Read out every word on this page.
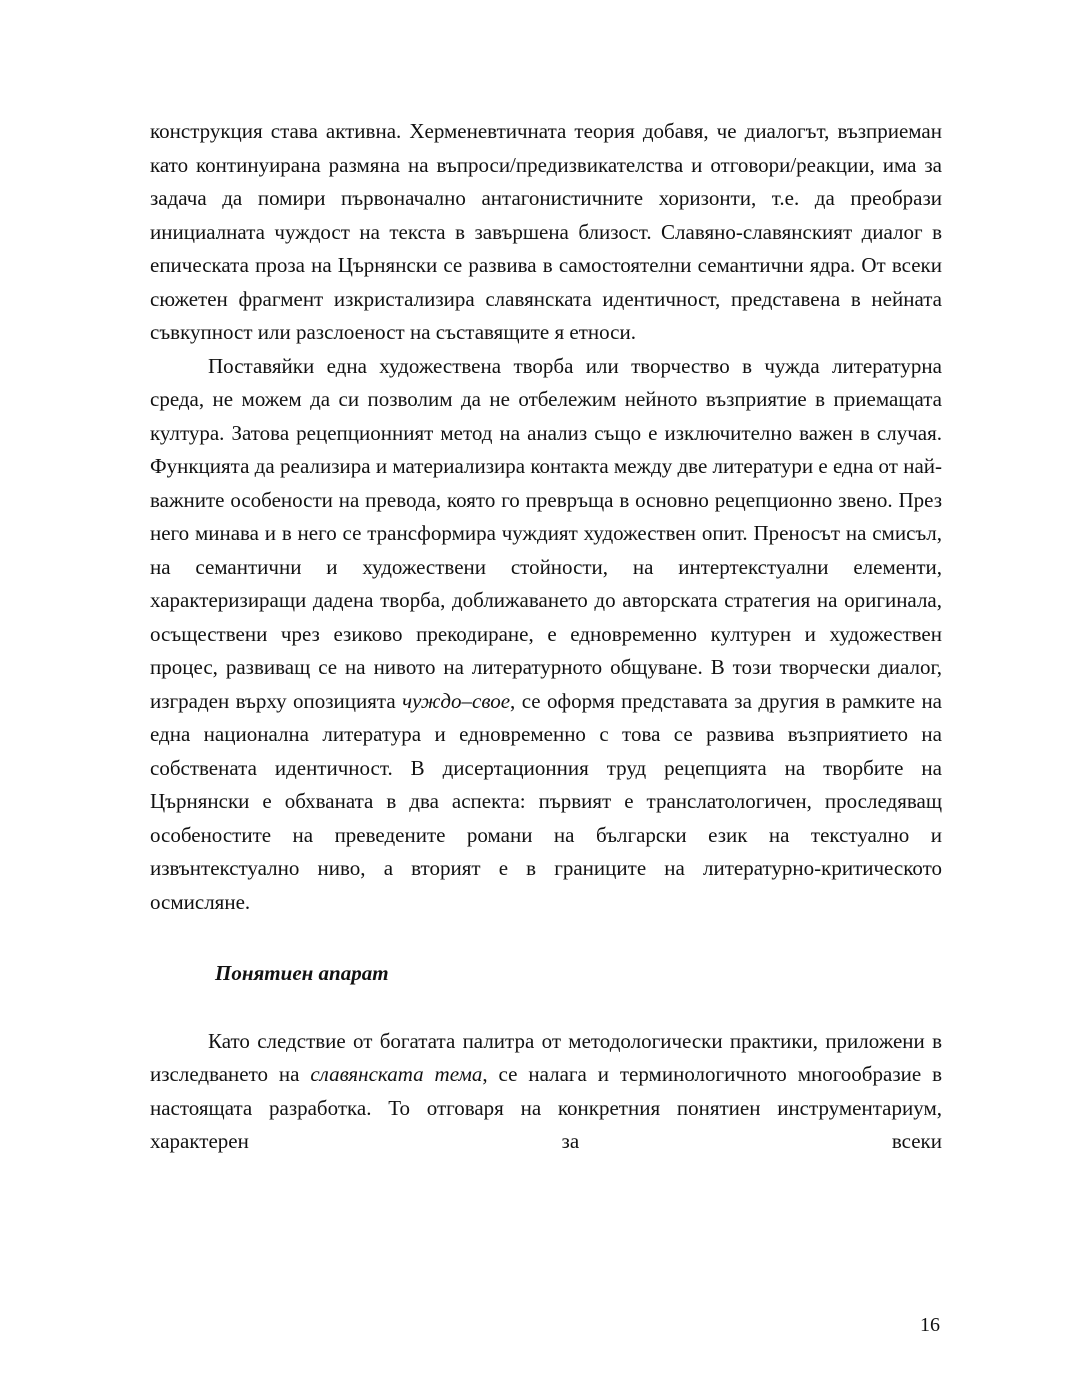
конструкция става активна. Херменевтичната теория добавя, че диалогът, възприеман като континуирана размяна на въпроси/предизвикателства и отговори/реакции, има за задача да помири първоначално антагонистичните хоризонти, т.е. да преобрази инициалната чуждост на текста в завършена близост. Славяно-славянският диалог в епическата проза на Църнянски се развива в самостоятелни семантични ядра. От всеки сюжетен фрагмент изкристализира славянската идентичност, представена в нейната съвкупност или разслоеност на съставящите я етноси.

Поставяйки една художествена творба или творчество в чужда литературна среда, не можем да си позволим да не отбележим нейното възприятие в приемащата култура. Затова рецепционният метод на анализ също е изключително важен в случая. Функцията да реализира и материализира контакта между две литератури е една от най-важните особености на превода, която го превръща в основно рецепционно звено. През него минава и в него се трансформира чуждият художествен опит. Преносът на смисъл, на семантични и художествени стойности, на интертекстуални елементи, характеризиращи дадена творба, доближаването до авторската стратегия на оригинала, осъществени чрез езиково прекодиране, е едновременно културен и художествен процес, развиващ се на нивото на литературното общуване. В този творчески диалог, изграден върху опозицията чуждо–свое, се оформя представата за другия в рамките на една национална литература и едновременно с това се развива възприятието на собствената идентичност. В дисертационния труд рецепцията на творбите на Църнянски е обхваната в два аспекта: първият е транслатологичен, проследяващ особеностите на преведените романи на български език на текстуално и извънтекстуално ниво, а вторият е в границите на литературно-критическото осмисляне.

Понятиен апарат

Като следствие от богатата палитра от методологически практики, приложени в изследването на славянската тема, се налага и терминологичното многообразие в настоящата разработка. То отговаря на конкретния понятиен инструментариум, характерен за всеки

16
